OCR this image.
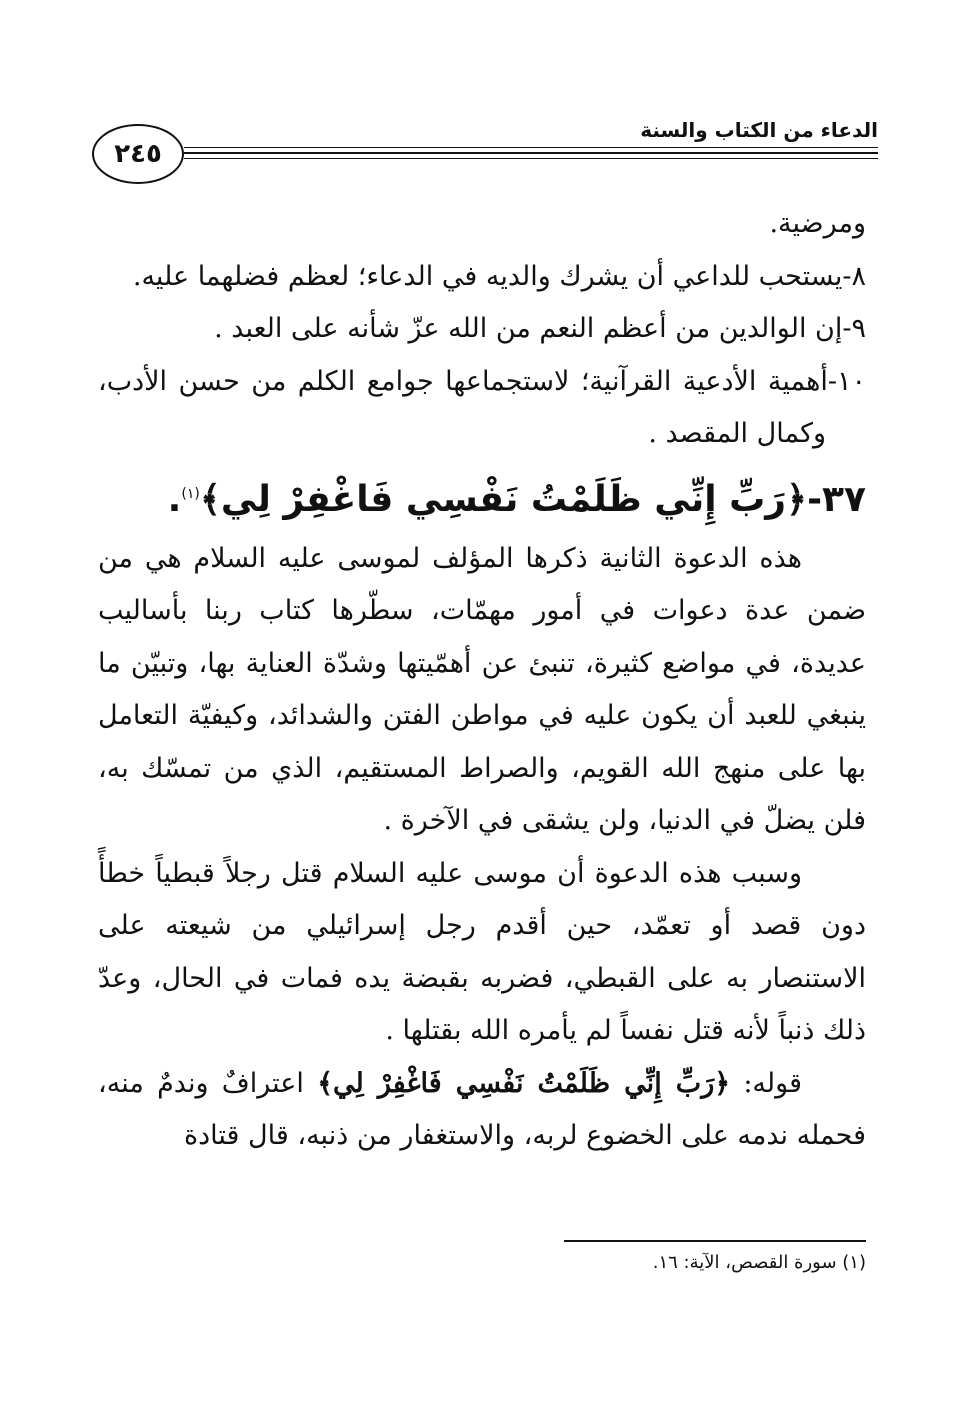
الدعاء من الكتاب والسنة
٢٤٥

ومرضية.

٨-يستحب للداعي أن يشرك والديه في الدعاء؛ لعظم فضلهما عليه.

٩-إن الوالدين من أعظم النعم من الله عزّ شأنه على العبد .

١٠-أهمية الأدعية القرآنية؛ لاستجماعها جوامع الكلم من حسن الأدب، وكمال المقصد .

٣٧-﴿رَبِّ إِنِّي ظَلَمْتُ نَفْسِي فَاغْفِرْ لِي﴾$^{(١)}$.

هذه الدعوة الثانية ذكرها المؤلف لموسى عليه السلام هي من ضمن عدة دعوات في أمور مهمّات، سطّرها كتاب ربنا بأساليب عديدة، في مواضع كثيرة، تنبئ عن أهمّيتها وشدّة العناية بها، وتبيّن ما ينبغي للعبد أن يكون عليه في مواطن الفتن والشدائد، وكيفيّة التعامل بها على منهج الله القويم، والصراط المستقيم، الذي من تمسّك به، فلن يضلّ في الدنيا، ولن يشقى في الآخرة .

وسبب هذه الدعوة أن موسى عليه السلام قتل رجلاً قبطياً خطأً دون قصد أو تعمّد، حين أقدم رجل إسرائيلي من شيعته على الاستنصار به على القبطي، فضربه بقبضة يده فمات في الحال، وعدّ ذلك ذنباً لأنه قتل نفساً لم يأمره الله بقتلها .

قوله: ﴿رَبِّ إِنِّي ظَلَمْتُ نَفْسِي فَاغْفِرْ لِي﴾ اعترافٌ وندمٌ منه، فحمله ندمه على الخضوع لربه، والاستغفار من ذنبه، قال قتادة

(١) سورة القصص، الآية: ١٦.
